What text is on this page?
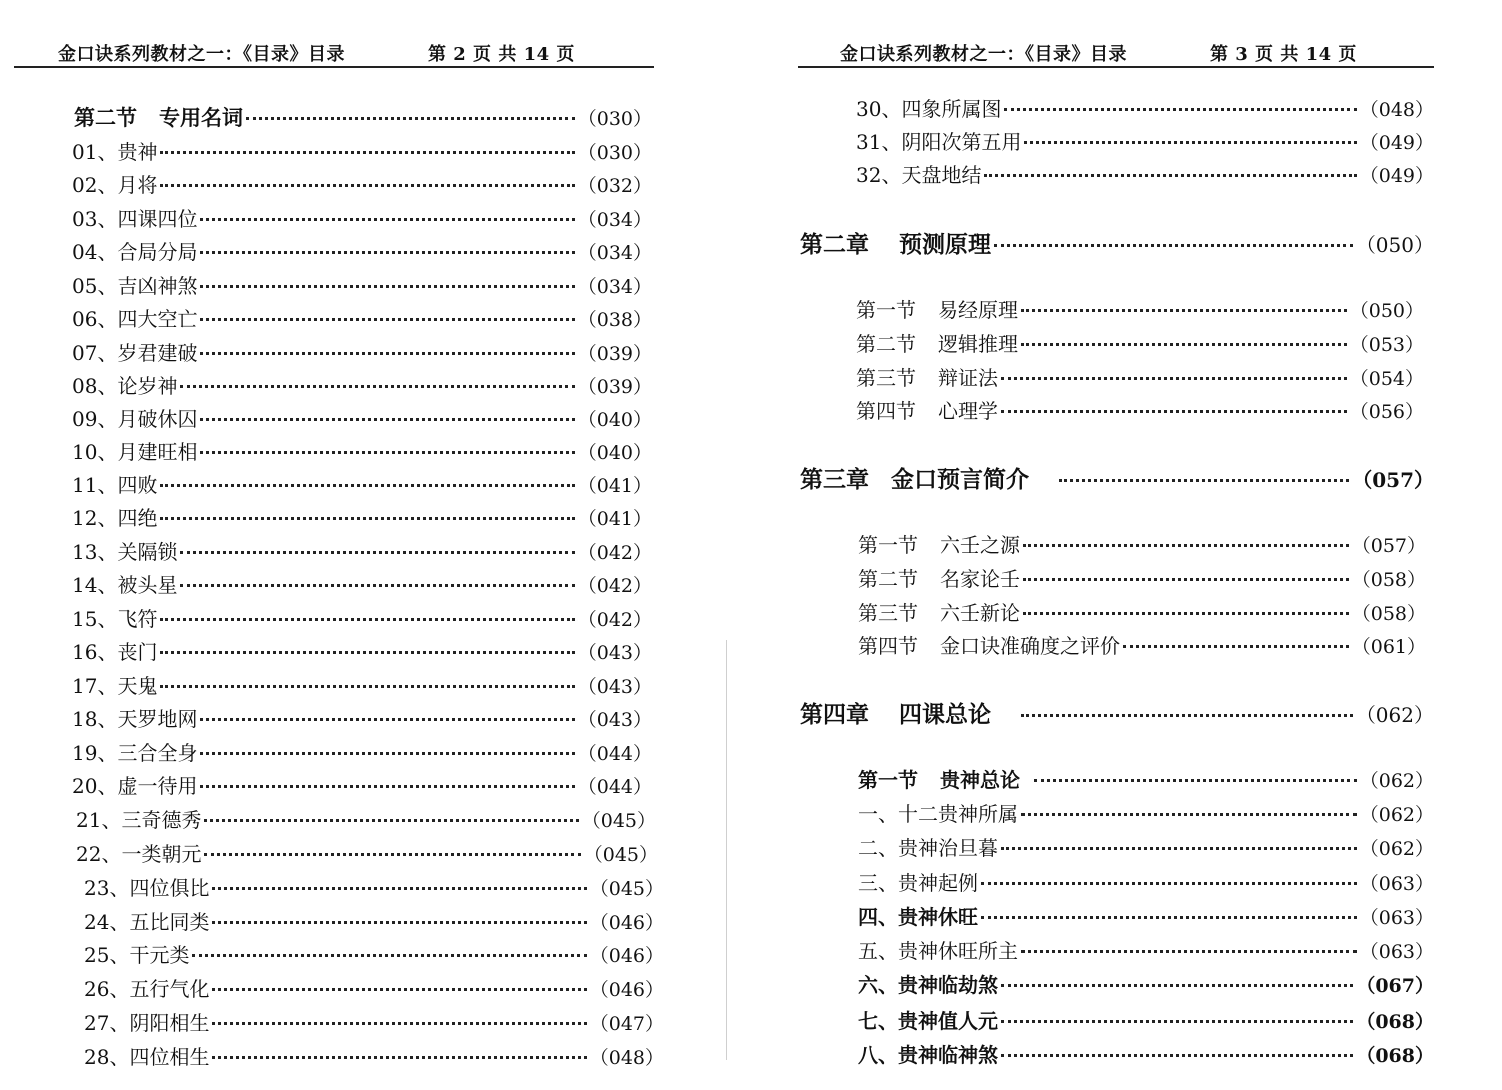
金口诀系列教材之一：《目录》目录	第 2 页 共 14 页
第二节 专用名词	（030）
01、贵神	（030）
02、月将	（032）
03、四课四位	（034）
04、合局分局	（034）
05、吉凶神煞	（034）
06、四大空亡	（038）
07、岁君建破	（039）
08、论岁神	（039）
09、月破休囚	（040）
10、月建旺相	（040）
11、四败	（041）
12、四绝	（041）
13、关隔锁	（042）
14、被头星	（042）
15、飞符	（042）
16、丧门	（043）
17、天鬼	（043）
18、天罗地网	（043）
19、三合全身	（044）
20、虚一待用	（044）
21、三奇德秀	（045）
22、一类朝元	（045）
23、四位俱比	（045）
24、五比同类	（046）
25、干元类	（046）
26、五行气化	（046）
27、阴阳相生	（047）
28、四位相生	（048）
金口诀系列教材之一：《目录》目录	第 3 页 共 14 页
30、四象所属图	（048）
31、阴阳次第五用	（049）
32、天盘地结	（049）
第二章 预测原理	（050）
第一节 易经原理	（050）
第二节 逻辑推理	（053）
第三节 辩证法	（054）
第四节 心理学	（056）
第三章 金口预言简介	（057）
第一节 六壬之源	（057）
第二节 名家论壬	（058）
第三节 六壬新论	（058）
第四节 金口诀准确度之评价	（061）
第四章 四课总论	（062）
第一节 贵神总论	（062）
一、十二贵神所属	（062）
二、贵神治旦暮	（062）
三、贵神起例	（063）
四、贵神休旺	（063）
五、贵神休旺所主	（063）
六、贵神临劫煞	（067）
七、贵神值人元	（068）
八、贵神临神煞	（068）
